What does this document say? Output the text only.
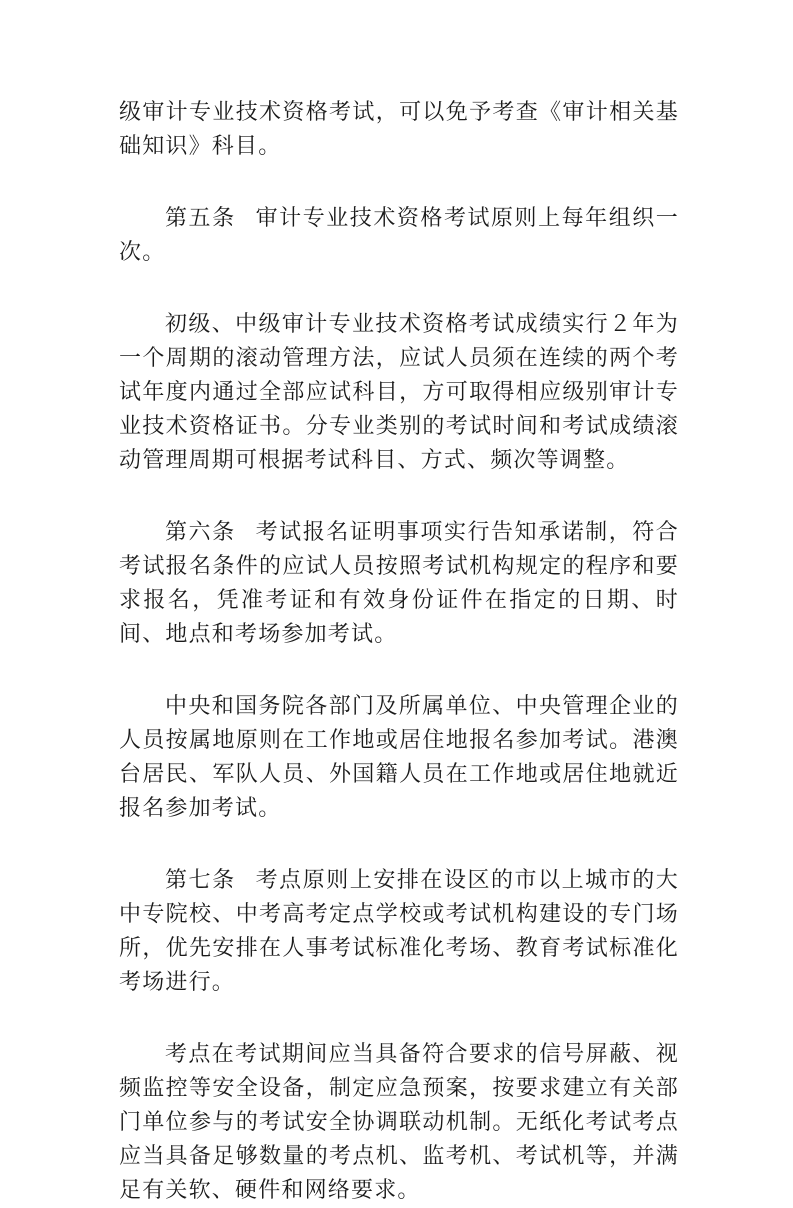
级审计专业技术资格考试，可以免予考查《审计相关基础知识》科目。

第五条 审计专业技术资格考试原则上每年组织一次。

初级、中级审计专业技术资格考试成绩实行２年为一个周期的滚动管理方法，应试人员须在连续的两个考试年度内通过全部应试科目，方可取得相应级别审计专业技术资格证书。分专业类别的考试时间和考试成绩滚动管理周期可根据考试科目、方式、频次等调整。

第六条 考试报名证明事项实行告知承诺制，符合考试报名条件的应试人员按照考试机构规定的程序和要求报名，凭准考证和有效身份证件在指定的日期、时间、地点和考场参加考试。

中央和国务院各部门及所属单位、中央管理企业的人员按属地原则在工作地或居住地报名参加考试。港澳台居民、军队人员、外国籍人员在工作地或居住地就近报名参加考试。

第七条 考点原则上安排在设区的市以上城市的大中专院校、中考高考定点学校或考试机构建设的专门场所，优先安排在人事考试标准化考场、教育考试标准化考场进行。

考点在考试期间应当具备符合要求的信号屏蔽、视频监控等安全设备，制定应急预案，按要求建立有关部门单位参与的考试安全协调联动机制。无纸化考试考点应当具备足够数量的考点机、监考机、考试机等，并满足有关软、硬件和网络要求。
